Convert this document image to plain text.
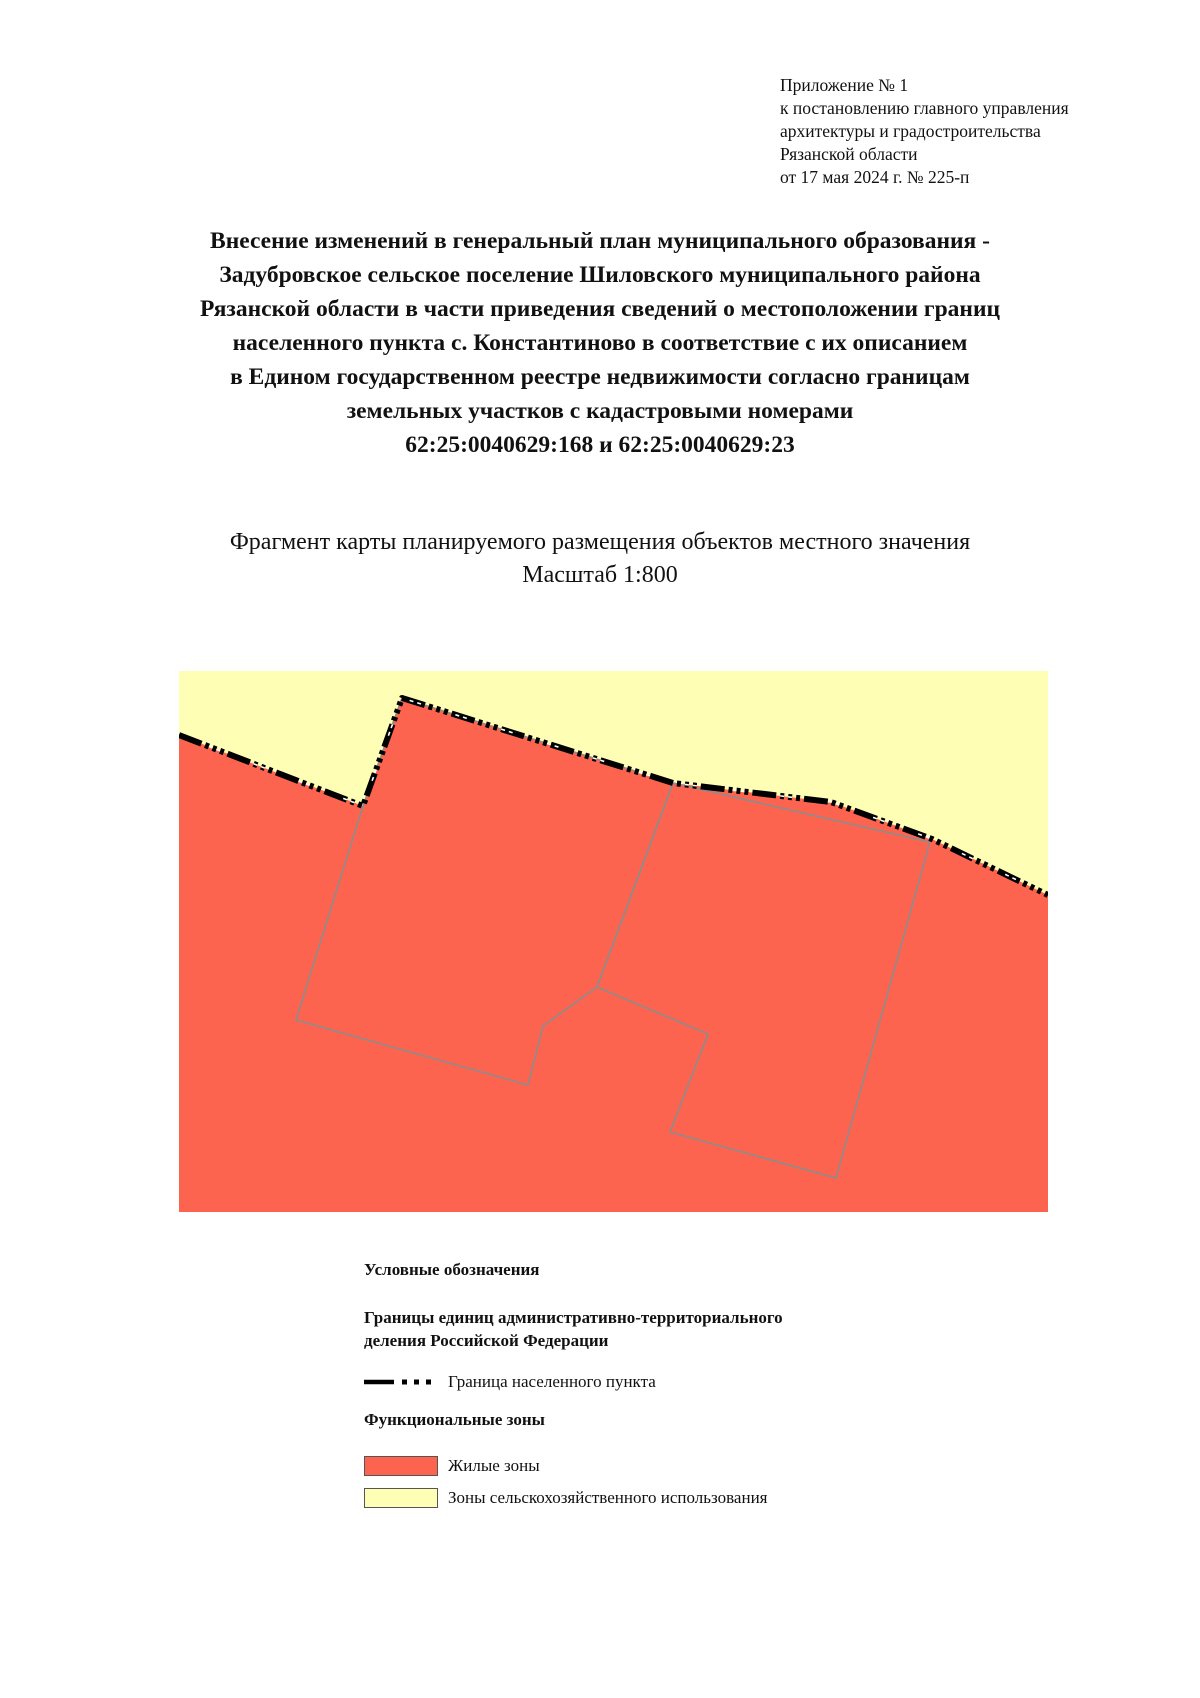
Приложение № 1
к постановлению главного управления
архитектуры и градостроительства
Рязанской области
от 17 мая 2024 г. № 225-п
Внесение изменений в генеральный план муниципального образования -
Задубровское сельское поселение Шиловского муниципального района
Рязанской области в части приведения сведений о местоположении границ
населенного пункта с. Константиново в соответствие с их описанием
в Едином государственном реестре недвижимости согласно границам
земельных участков с кадастровыми номерами
62:25:0040629:168 и 62:25:0040629:23
Фрагмент карты планируемого размещения объектов местного значения
Масштаб 1:800
Условные обозначения
Границы единиц административно-территориального
деления Российской Федерации
Граница населенного пункта
Функциональные зоны
Жилые зоны
Зоны сельскохозяйственного использования
